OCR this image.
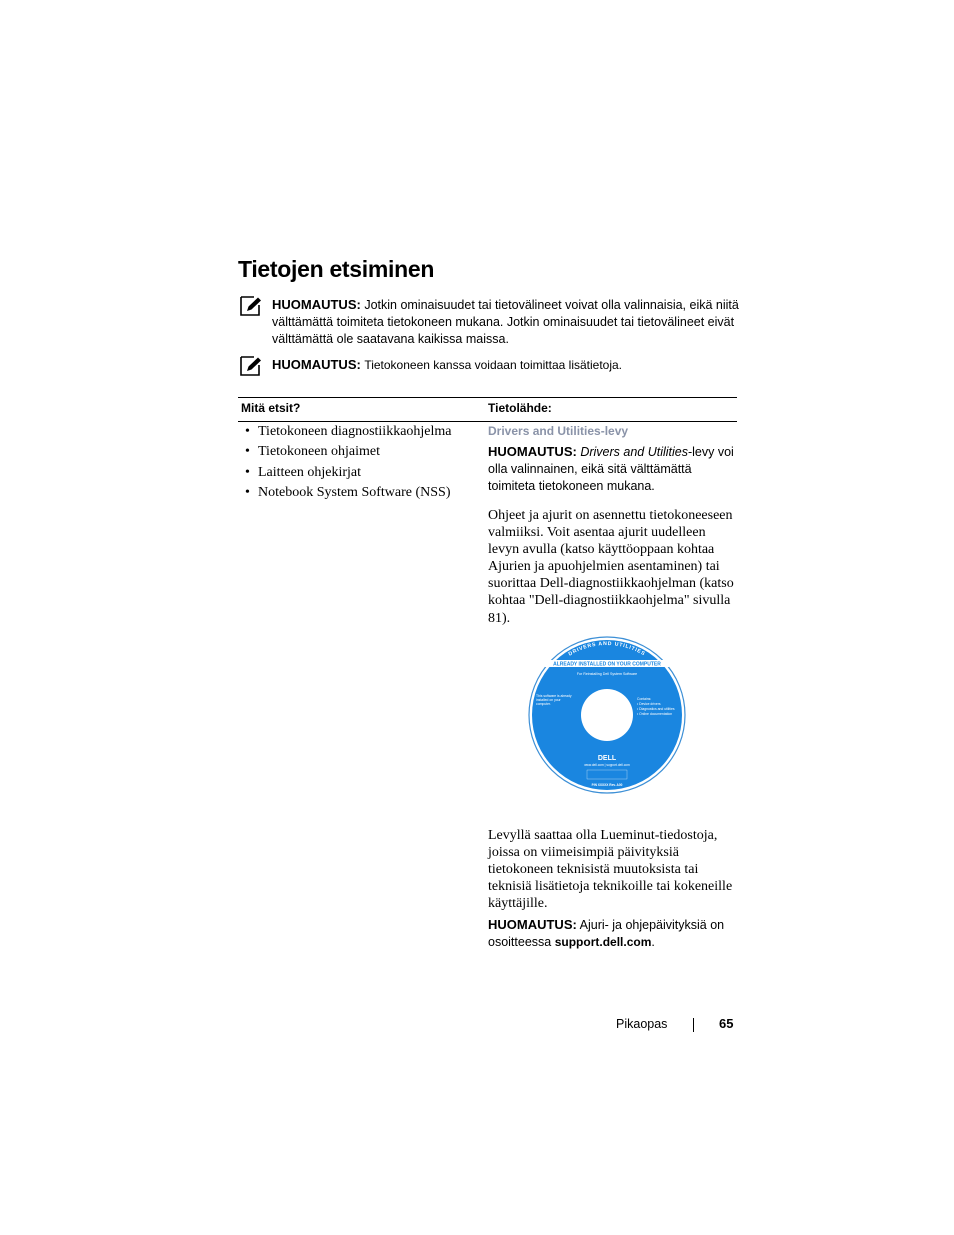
Tietojen etsiminen
HUOMAUTUS: Jotkin ominaisuudet tai tietovälineet voivat olla valinnaisia, eikä niitä välttämättä toimiteta tietokoneen mukana. Jotkin ominaisuudet tai tietovälineet eivät välttämättä ole saatavana kaikissa maissa.
HUOMAUTUS: Tietokoneen kanssa voidaan toimittaa lisätietoja.
Mitä etsit?	Tietolähde:
• Tietokoneen diagnostiikkaohjelma
• Tietokoneen ohjaimet
• Laitteen ohjekirjat
• Notebook System Software (NSS)
Drivers and Utilities-levy
HUOMAUTUS: Drivers and Utilities-levy voi olla valinnainen, eikä sitä välttämättä toimiteta tietokoneen mukana.
Ohjeet ja ajurit on asennettu tietokoneeseen valmiiksi. Voit asentaa ajurit uudelleen levyn avulla (katso käyttöoppaan kohtaa Ajurien ja apuohjelmien asentaminen) tai suorittaa Dell-diagnostiikkaohjelman (katso kohtaa "Dell-diagnostiikkaohjelma" sivulla 81).
Levyllä saattaa olla Lueminut-tiedostoja, joissa on viimeisimpiä päivityksiä tietokoneen teknisistä muutoksista tai teknisiä lisätietoja teknikoille tai kokeneille käyttäjille.
HUOMAUTUS: Ajuri- ja ohjepäivityksiä on osoitteessa support.dell.com.
DRIVERS AND UTILITIES
ALREADY INSTALLED ON YOUR COMPUTER
For Reinstalling Dell System Software
This software is already installed on your computer.
Contains:
• Device drivers
• Diagnostics and utilities
• Online documentation
DELL
www.dell.com | support.dell.com
P/N XXXXX Rev. A00
Pikaopas	65
